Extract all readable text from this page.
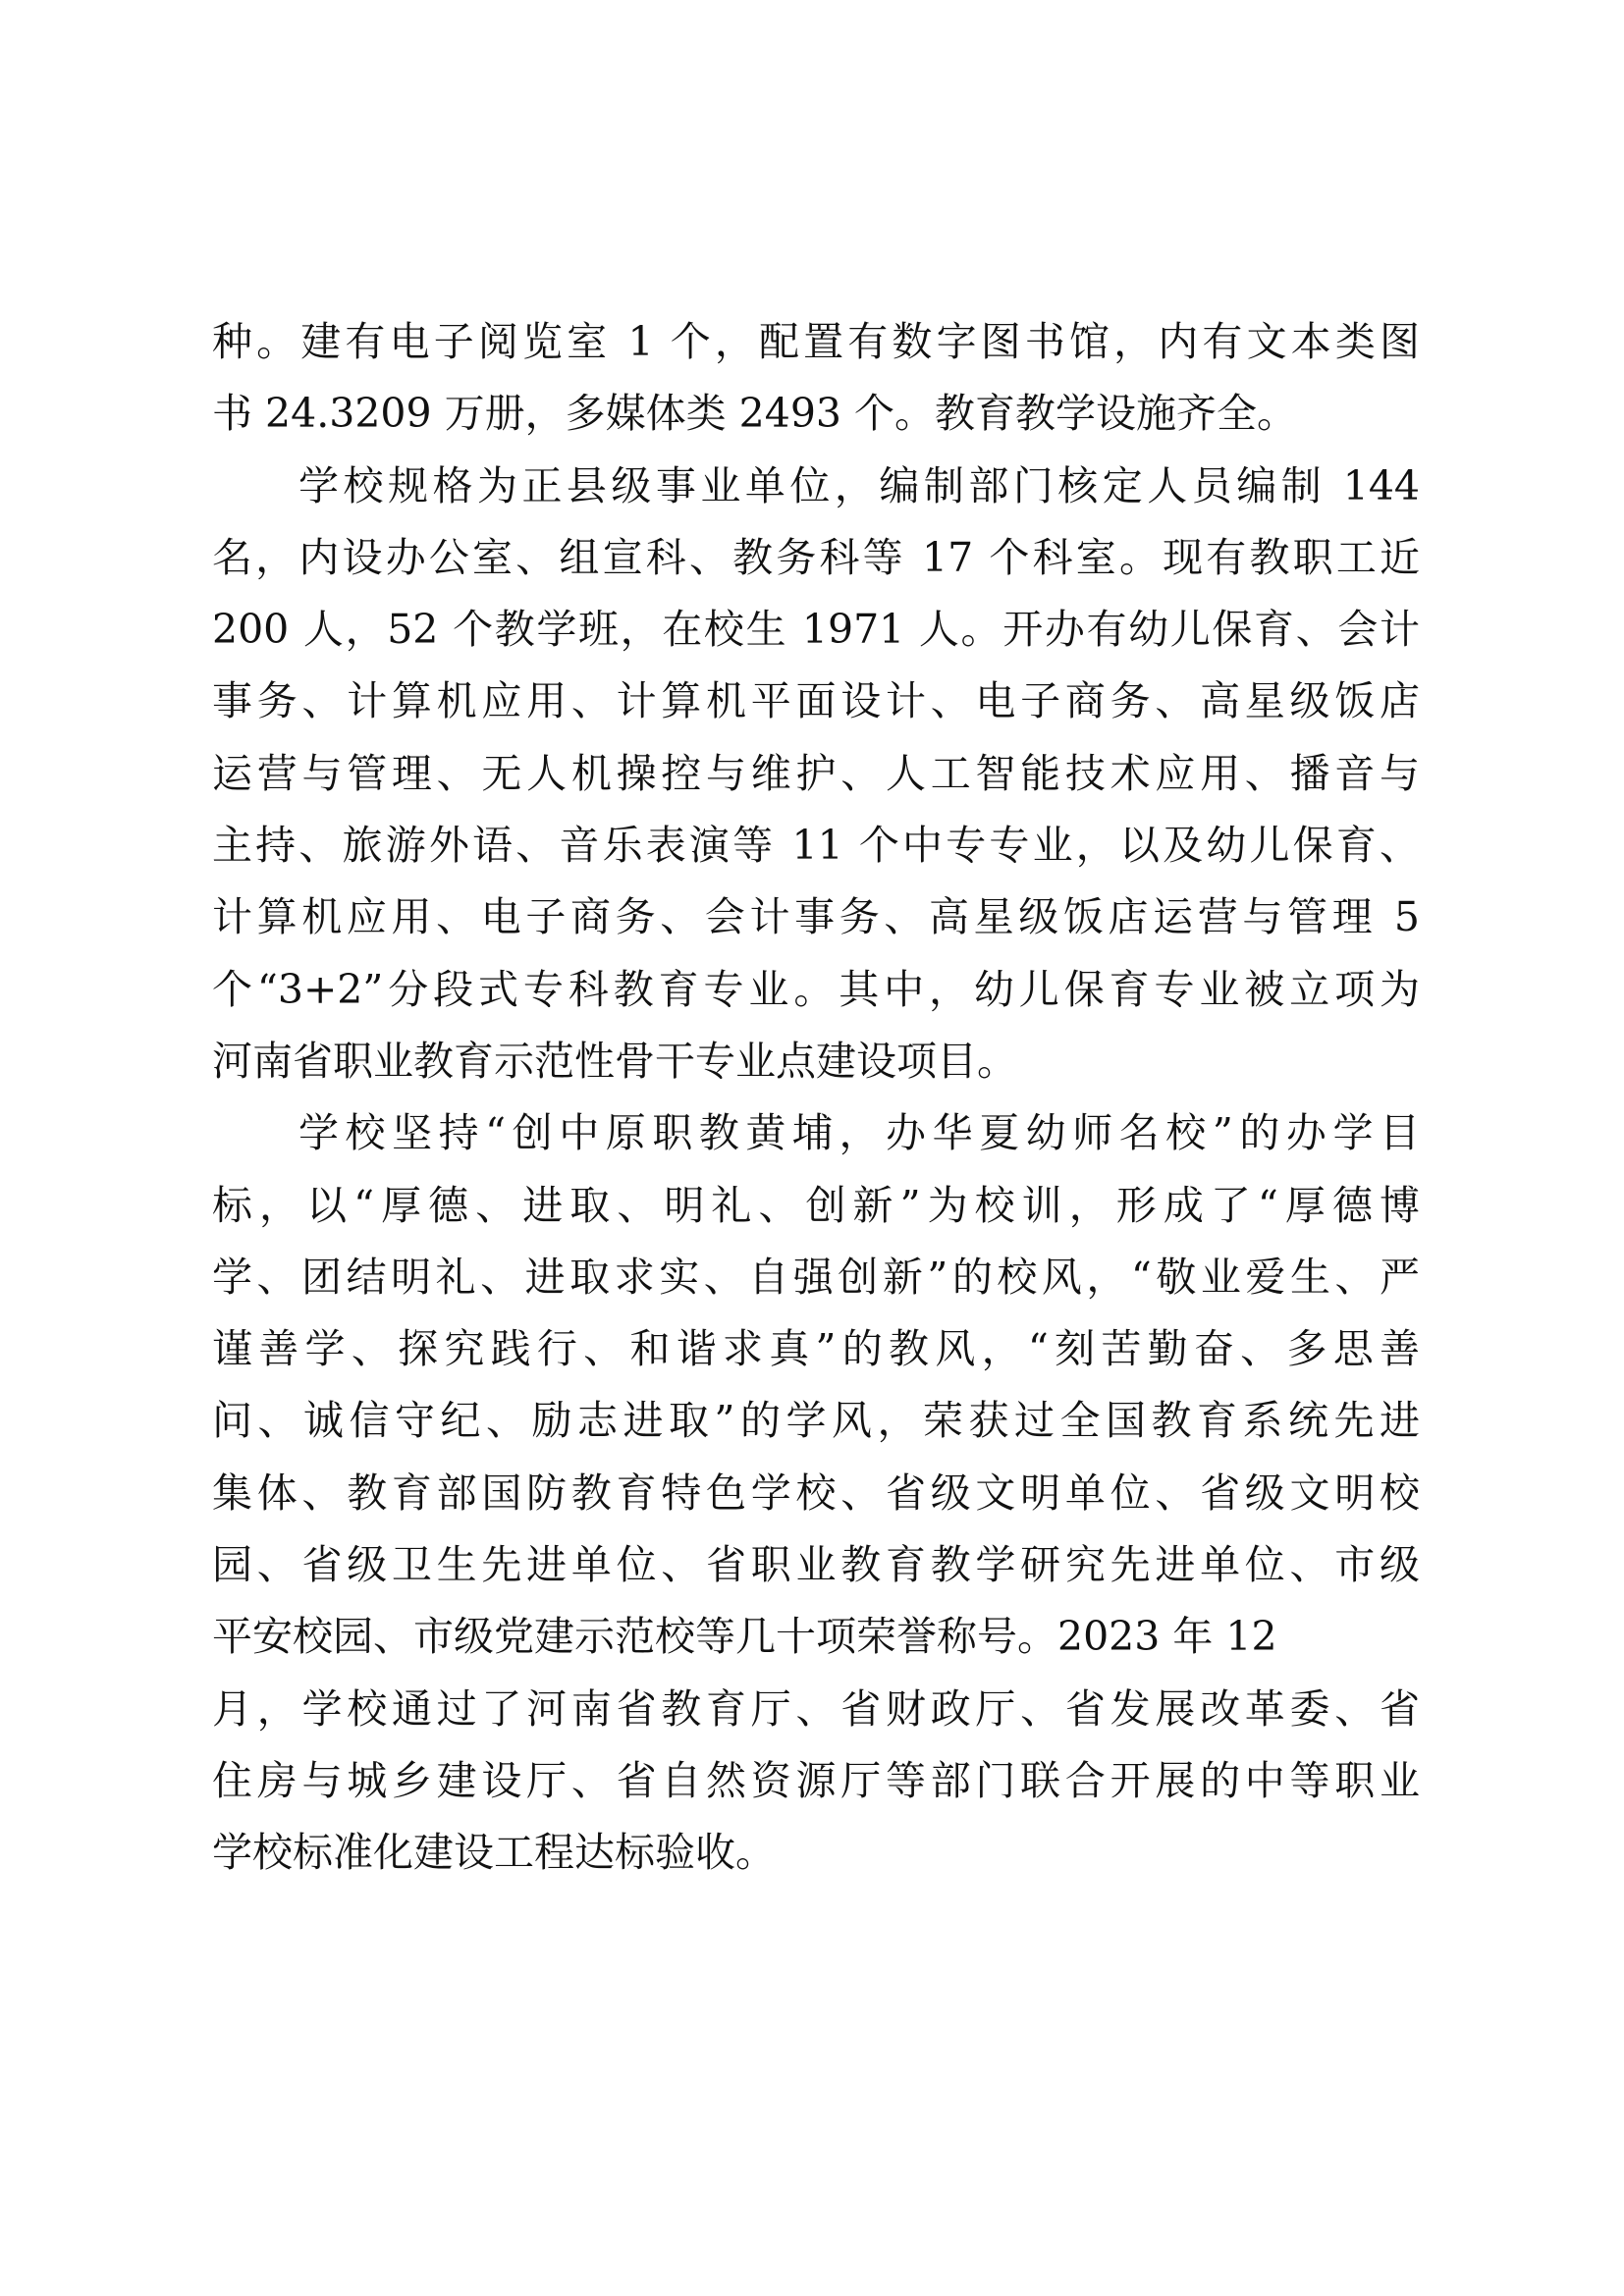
种。建有电子阅览室 1 个，配置有数字图书馆，内有文本类图
书 24.3209 万册，多媒体类 2493 个。教育教学设施齐全。
学校规格为正县级事业单位，编制部门核定人员编制 144
名，内设办公室、组宣科、教务科等 17 个科室。现有教职工近
200 人，52 个教学班，在校生 1971 人。开办有幼儿保育、会计
事务、计算机应用、计算机平面设计、电子商务、高星级饭店
运营与管理、无人机操控与维护、人工智能技术应用、播音与
主持、旅游外语、音乐表演等 11 个中专专业，以及幼儿保育、
计算机应用、电子商务、会计事务、高星级饭店运营与管理 5
个“3+2”分段式专科教育专业。其中，幼儿保育专业被立项为
河南省职业教育示范性骨干专业点建设项目。
学校坚持“创中原职教黄埔，办华夏幼师名校”的办学目
标，以“厚德、进取、明礼、创新”为校训，形成了“厚德博
学、团结明礼、进取求实、自强创新”的校风，“敬业爱生、严
谨善学、探究践行、和谐求真”的教风，“刻苦勤奋、多思善
问、诚信守纪、励志进取”的学风，荣获过全国教育系统先进
集体、教育部国防教育特色学校、省级文明单位、省级文明校
园、省级卫生先进单位、省职业教育教学研究先进单位、市级
平安校园、市级党建示范校等几十项荣誉称号。2023 年 12
月，学校通过了河南省教育厅、省财政厅、省发展改革委、省
住房与城乡建设厅、省自然资源厅等部门联合开展的中等职业
学校标准化建设工程达标验收。
